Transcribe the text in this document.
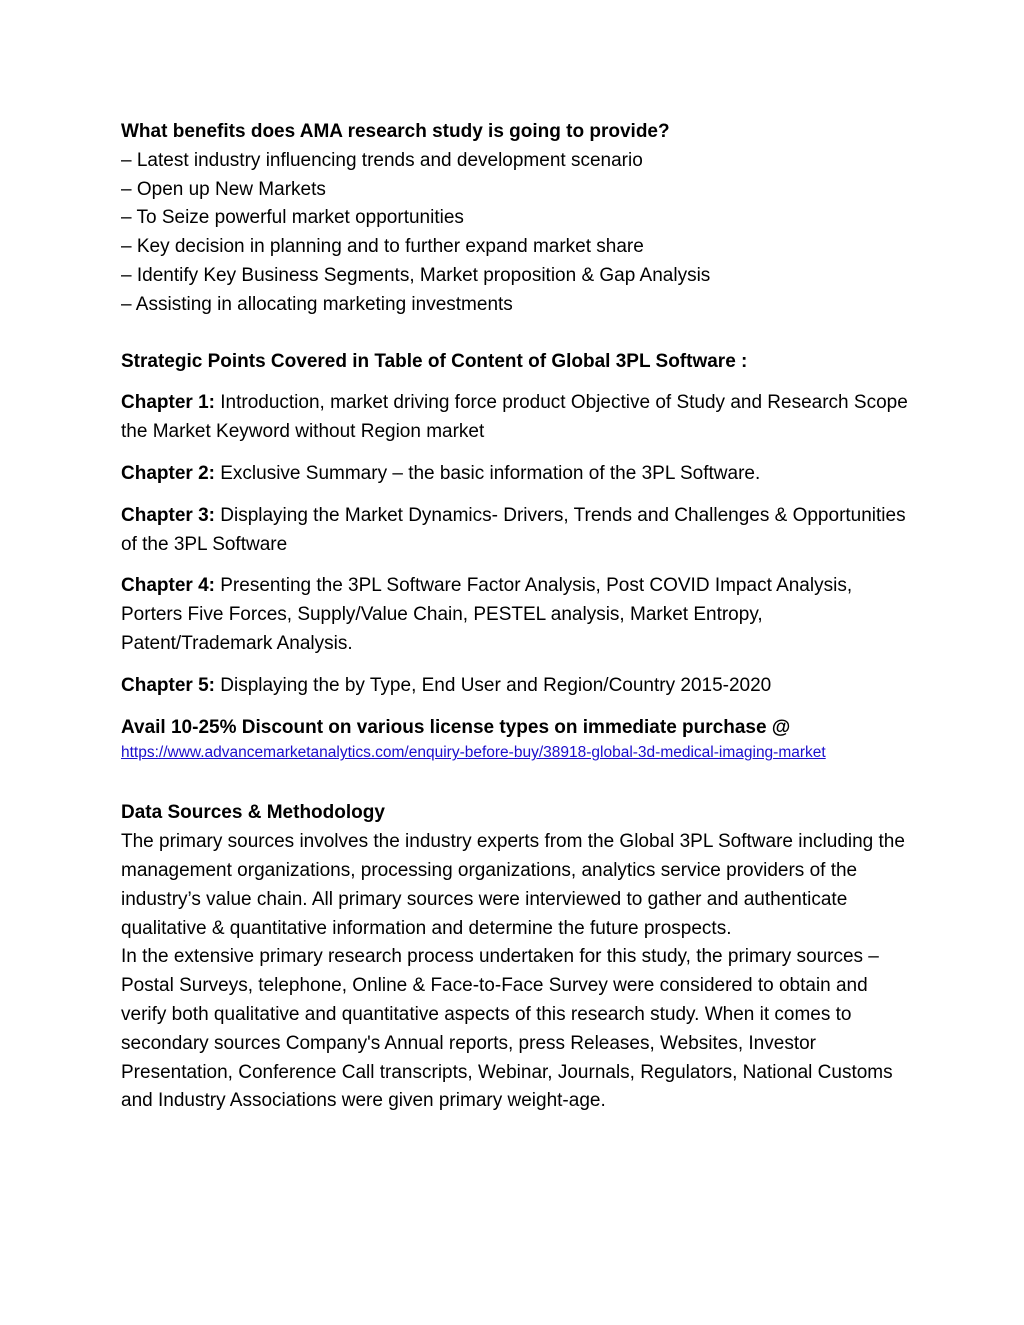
What benefits does AMA research study is going to provide?

– Latest industry influencing trends and development scenario

– Open up New Markets

– To Seize powerful market opportunities

– Key decision in planning and to further expand market share

– Identify Key Business Segments, Market proposition & Gap Analysis

– Assisting in allocating marketing investments

Strategic Points Covered in Table of Content of Global 3PL Software :

Chapter 1: Introduction, market driving force product Objective of Study and Research Scope the Market Keyword without Region market

Chapter 2: Exclusive Summary – the basic information of the 3PL Software.

Chapter 3: Displaying the Market Dynamics- Drivers, Trends and Challenges & Opportunities of the 3PL Software

Chapter 4: Presenting the 3PL Software Factor Analysis, Post COVID Impact Analysis, Porters Five Forces, Supply/Value Chain, PESTEL analysis, Market Entropy, Patent/Trademark Analysis.

Chapter 5: Displaying the by Type, End User and Region/Country 2015-2020

Avail 10-25% Discount on various license types on immediate purchase @

https://www.advancemarketanalytics.com/enquiry-before-buy/38918-global-3d-medical-imaging-market

Data Sources & Methodology

The primary sources involves the industry experts from the Global 3PL Software including the management organizations, processing organizations, analytics service providers of the industry’s value chain. All primary sources were interviewed to gather and authenticate qualitative & quantitative information and determine the future prospects.

In the extensive primary research process undertaken for this study, the primary sources – Postal Surveys, telephone, Online & Face-to-Face Survey were considered to obtain and verify both qualitative and quantitative aspects of this research study. When it comes to secondary sources Company's Annual reports, press Releases, Websites, Investor Presentation, Conference Call transcripts, Webinar, Journals, Regulators, National Customs and Industry Associations were given primary weight-age.
